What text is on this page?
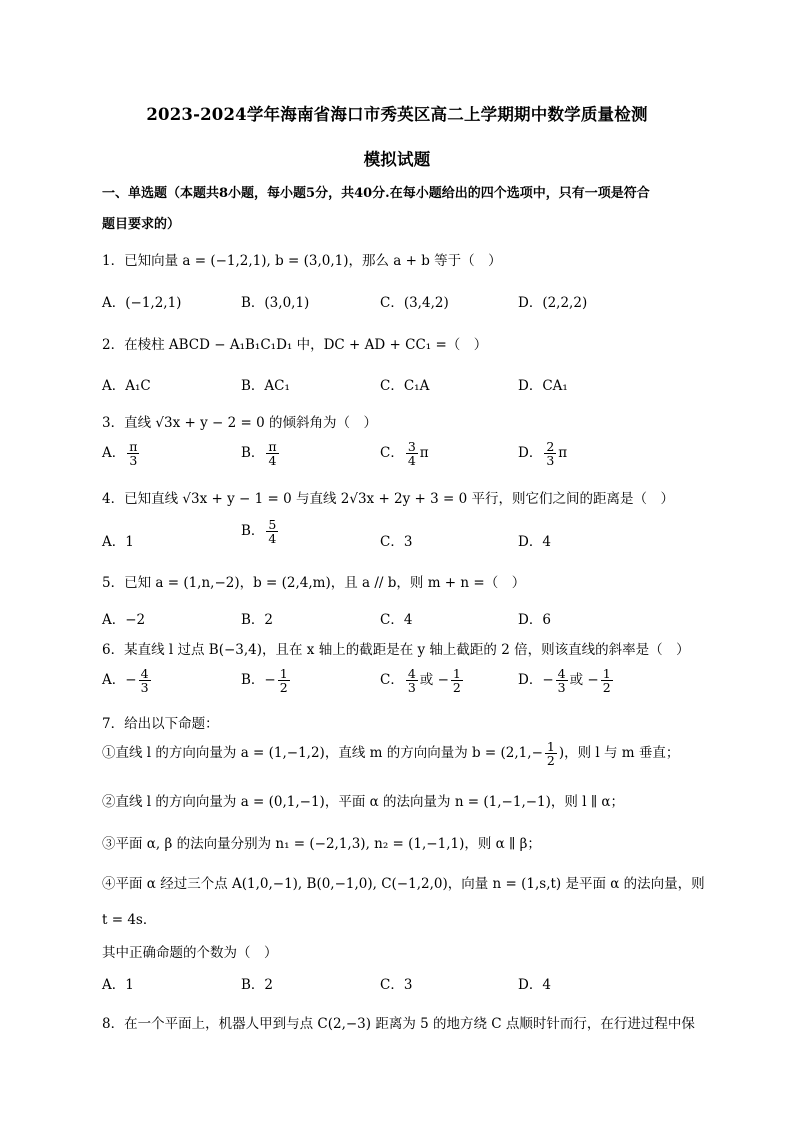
2023-2024学年海南省海口市秀英区高二上学期期中数学质量检测
模拟试题
一、单选题（本题共8小题，每小题5分，共40分.在每小题给出的四个选项中，只有一项是符合
题目要求的）
1．已知向量 a = (−1,2,1), b = (3,0,1)，那么 a + b 等于（　）
A．(−1,2,1)	B．(3,0,1)	C．(3,4,2)	D．(2,2,2)
2．在棱柱 ABCD − A₁B₁C₁D₁ 中，DC + AD + CC₁ =（　）
A．A₁C	B．AC₁	C．C₁A	D．CA₁
3．直线 √3x + y − 2 = 0 的倾斜角为（　）
A． $\frac{\pi}{3}$	B． $\frac{\pi}{4}$	C． $\frac{3}{4}$ π	D． $\frac{2}{3}$ π
4．已知直线 √3x + y − 1 = 0 与直线 2√3x + 2y + 3 = 0 平行，则它们之间的距离是（　）
A．1
B． $\frac{5}{4}$	C．3	D．4
5．已知 a = (1,n,−2)，b = (2,4,m)，且 a // b，则 m + n =（　）
A．−2	B．2	C．4	D．6
6．某直线 l 过点 B(−3,4)，且在 x 轴上的截距是在 y 轴上截距的 2 倍，则该直线的斜率是（　）
A．− $\frac{4}{3}$	B．− $\frac{1}{2}$	C． $\frac{4}{3}$ 或 − $\frac{1}{2}$	D．− $\frac{4}{3}$ 或 − $\frac{1}{2}$
7．给出以下命题：
①直线 l 的方向向量为 a = (1,−1,2)，直线 m 的方向向量为 $b = (2,1,- \frac{1}{2}$ )，则 l 与 m 垂直；
②直线 l 的方向向量为 a = (0,1,−1)，平面 α 的法向量为 n = (1,−1,−1)，则 l ∥ α；
③平面 α, β 的法向量分别为 n₁ = (−2,1,3), n₂ = (1,−1,1)，则 α ∥ β；
④平面 α 经过三个点 A(1,0,−1), B(0,−1,0), C(−1,2,0)，向量 n = (1,s,t) 是平面 α 的法向量，则
t = 4s．
其中正确命题的个数为（　）
A．1	B．2	C．3	D．4
8．在一个平面上，机器人甲到与点 C(2,−3) 距离为 5 的地方绕 C 点顺时针而行，在行进过程中保
